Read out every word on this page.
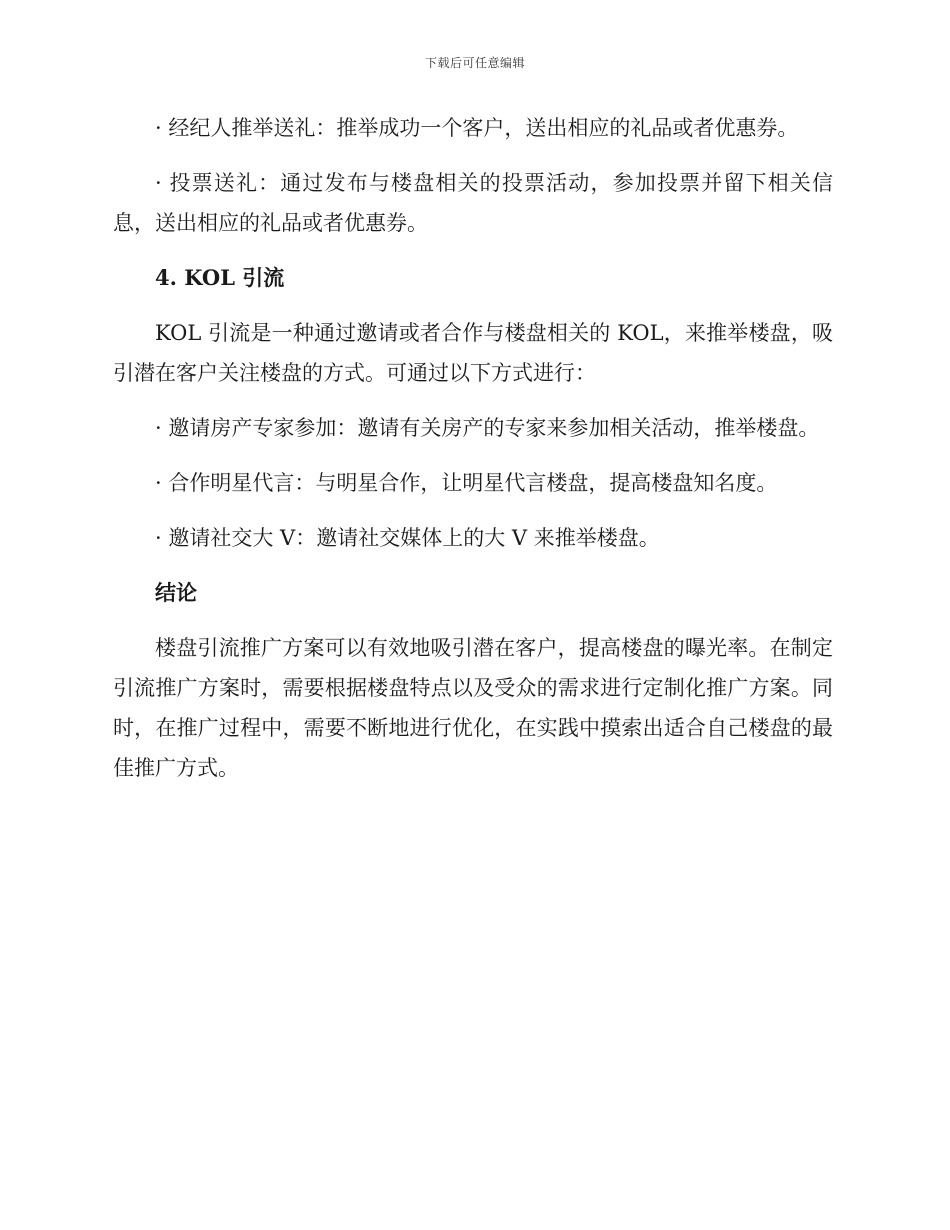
下载后可任意编辑

· 经纪人推举送礼：推举成功一个客户，送出相应的礼品或者优惠券。

· 投票送礼：通过发布与楼盘相关的投票活动，参加投票并留下相关信息，送出相应的礼品或者优惠券。

4. KOL 引流

KOL 引流是一种通过邀请或者合作与楼盘相关的 KOL，来推举楼盘，吸引潜在客户关注楼盘的方式。可通过以下方式进行：

· 邀请房产专家参加：邀请有关房产的专家来参加相关活动，推举楼盘。

· 合作明星代言：与明星合作，让明星代言楼盘，提高楼盘知名度。

· 邀请社交大 V：邀请社交媒体上的大 V 来推举楼盘。

结论

楼盘引流推广方案可以有效地吸引潜在客户，提高楼盘的曝光率。在制定引流推广方案时，需要根据楼盘特点以及受众的需求进行定制化推广方案。同时，在推广过程中，需要不断地进行优化，在实践中摸索出适合自己楼盘的最佳推广方式。
